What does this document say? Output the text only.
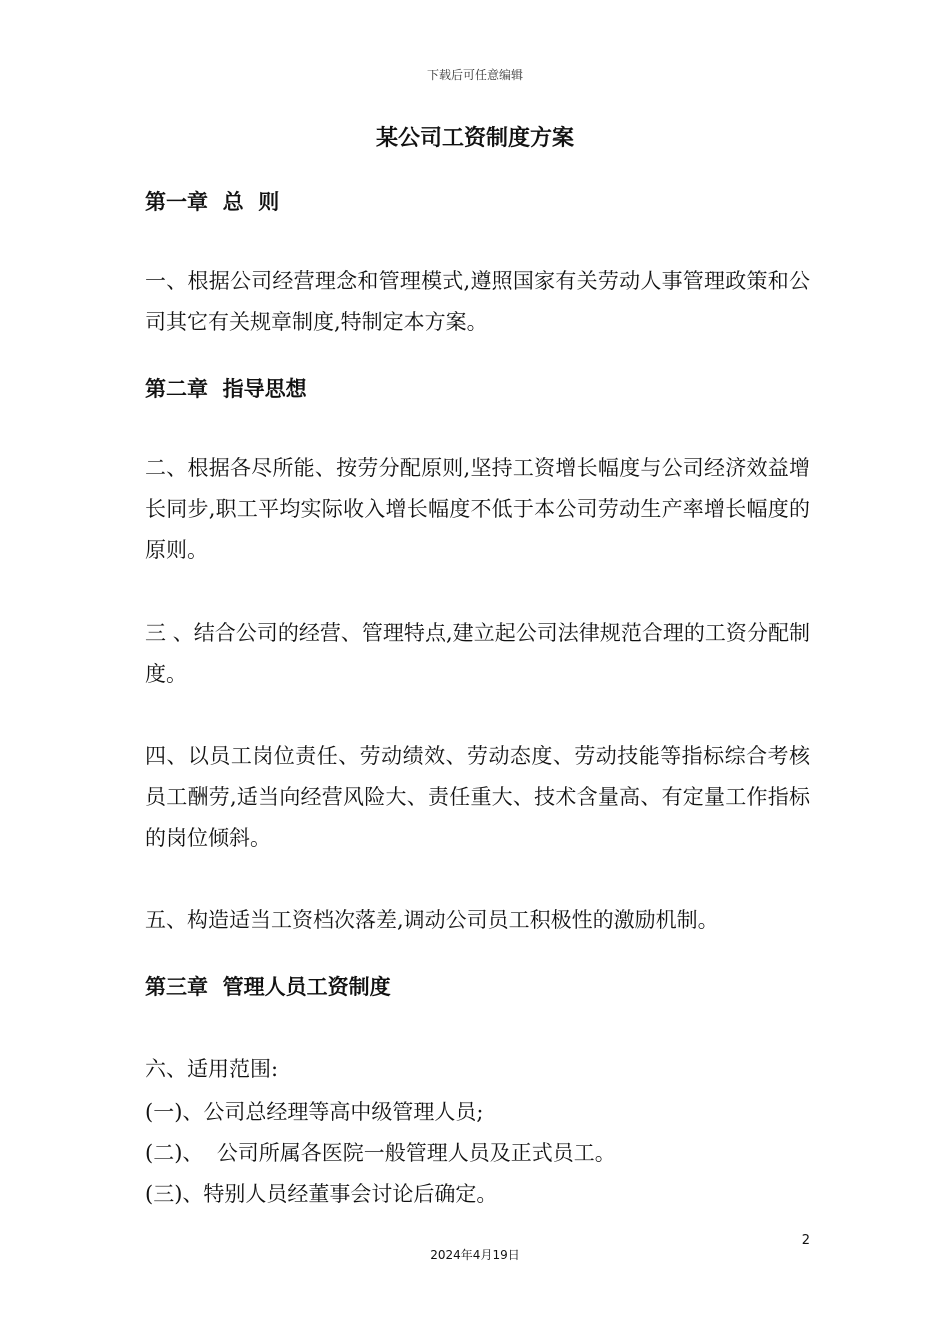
下载后可任意编辑
某公司工资制度方案
第一章  总  则
一、根据公司经营理念和管理模式,遵照国家有关劳动人事管理政策和公司其它有关规章制度,特制定本方案。
第二章  指导思想
二、根据各尽所能、按劳分配原则,坚持工资增长幅度与公司经济效益增长同步,职工平均实际收入增长幅度不低于本公司劳动生产率增长幅度的原则。
三 、结合公司的经营、管理特点,建立起公司法律规范合理的工资分配制度。
四、以员工岗位责任、劳动绩效、劳动态度、劳动技能等指标综合考核员工酬劳,适当向经营风险大、责任重大、技术含量高、有定量工作指标的岗位倾斜。
五、构造适当工资档次落差,调动公司员工积极性的激励机制。
第三章  管理人员工资制度
六、适用范围:
(一)、公司总经理等高中级管理人员;
(二)、  公司所属各医院一般管理人员及正式员工。
(三)、特别人员经董事会讨论后确定。
2
2024年4月19日
